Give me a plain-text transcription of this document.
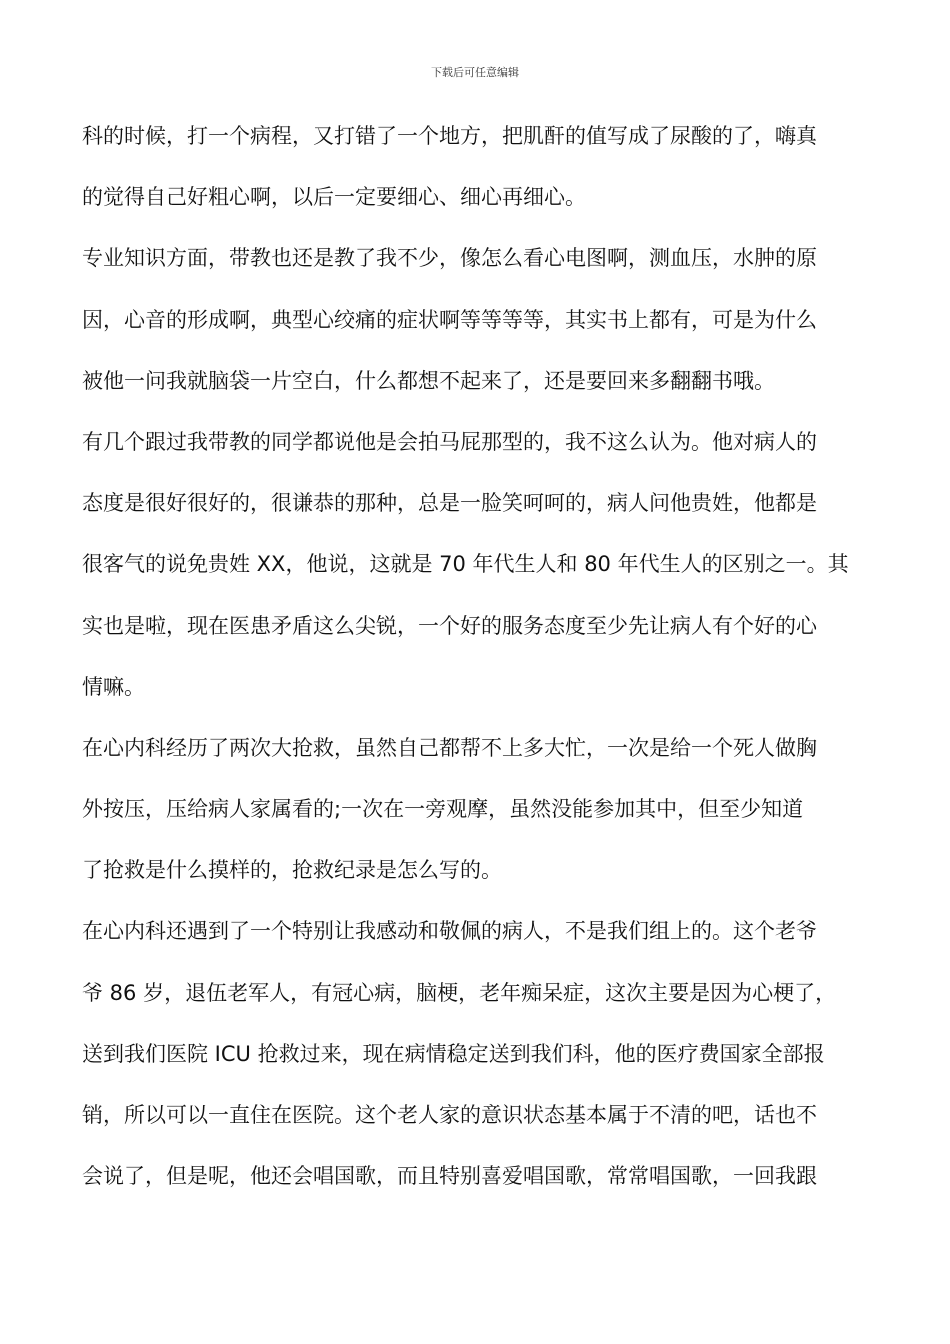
下载后可任意编辑
科的时候，打一个病程，又打错了一个地方，把肌酐的值写成了尿酸的了，嗨真
的觉得自己好粗心啊，以后一定要细心、细心再细心。
专业知识方面，带教也还是教了我不少，像怎么看心电图啊，测血压，水肿的原
因，心音的形成啊，典型心绞痛的症状啊等等等等，其实书上都有，可是为什么
被他一问我就脑袋一片空白，什么都想不起来了，还是要回来多翻翻书哦。
有几个跟过我带教的同学都说他是会拍马屁那型的，我不这么认为。他对病人的
态度是很好很好的，很谦恭的那种，总是一脸笑呵呵的，病人问他贵姓，他都是
很客气的说免贵姓 XX，他说，这就是 70 年代生人和 80 年代生人的区别之一。其
实也是啦，现在医患矛盾这么尖锐，一个好的服务态度至少先让病人有个好的心
情嘛。
在心内科经历了两次大抢救，虽然自己都帮不上多大忙，一次是给一个死人做胸
外按压，压给病人家属看的;一次在一旁观摩，虽然没能参加其中，但至少知道
了抢救是什么摸样的，抢救纪录是怎么写的。
在心内科还遇到了一个特别让我感动和敬佩的病人，不是我们组上的。这个老爷
爷 86 岁，退伍老军人，有冠心病，脑梗，老年痴呆症，这次主要是因为心梗了，
送到我们医院 ICU 抢救过来，现在病情稳定送到我们科，他的医疗费国家全部报
销，所以可以一直住在医院。这个老人家的意识状态基本属于不清的吧，话也不
会说了，但是呢，他还会唱国歌，而且特别喜爱唱国歌，常常唱国歌，一回我跟
